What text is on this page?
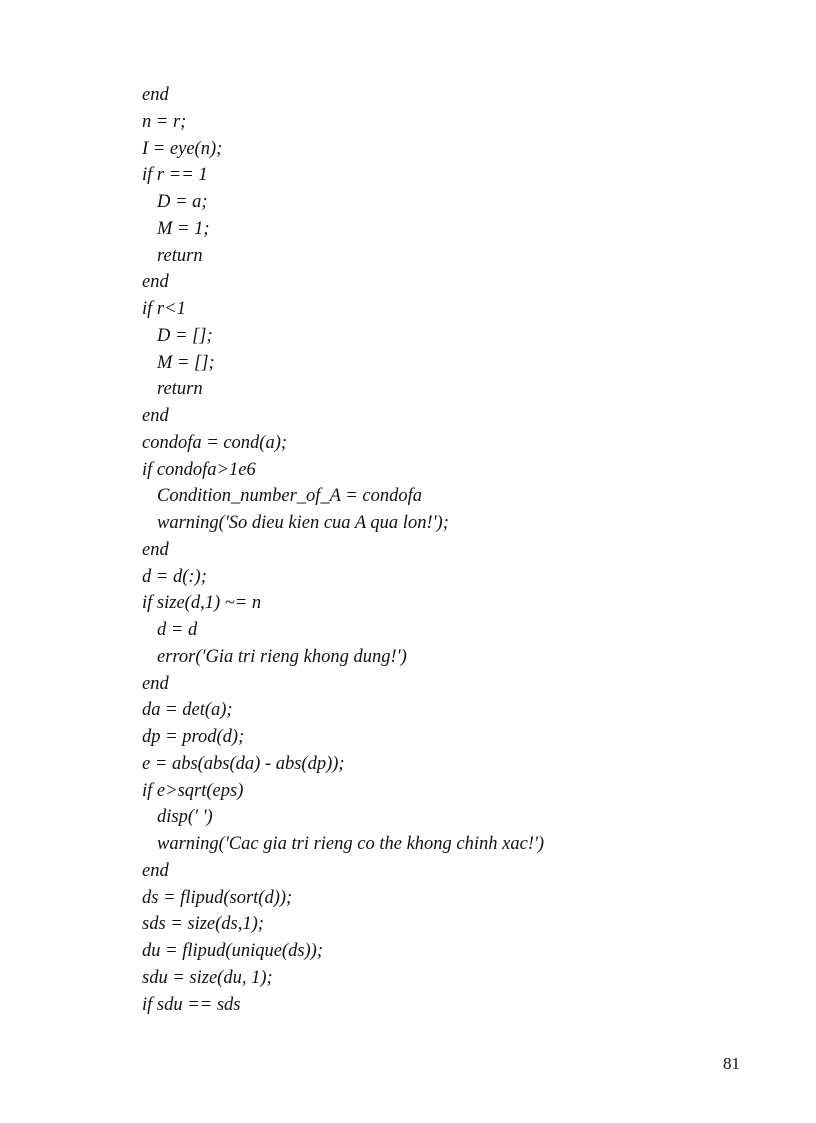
end
n = r;
I = eye(n);
if r == 1
D = a;
M = 1;
return
end
if r<1
D = [];
M = [];
return
end
condofa = cond(a);
if condofa>1e6
Condition_number_of_A = condofa
warning('So dieu kien cua A qua lon!');
end
d = d(:);
if size(d,1) ~= n
d = d
error('Gia tri rieng khong dung!')
end
da = det(a);
dp = prod(d);
e = abs(abs(da) - abs(dp));
if e>sqrt(eps)
disp(' ')
warning('Cac gia tri rieng co the khong chinh xac!')
end
ds = flipud(sort(d));
sds = size(ds,1);
du = flipud(unique(ds));
sdu = size(du, 1);
if sdu == sds
81
